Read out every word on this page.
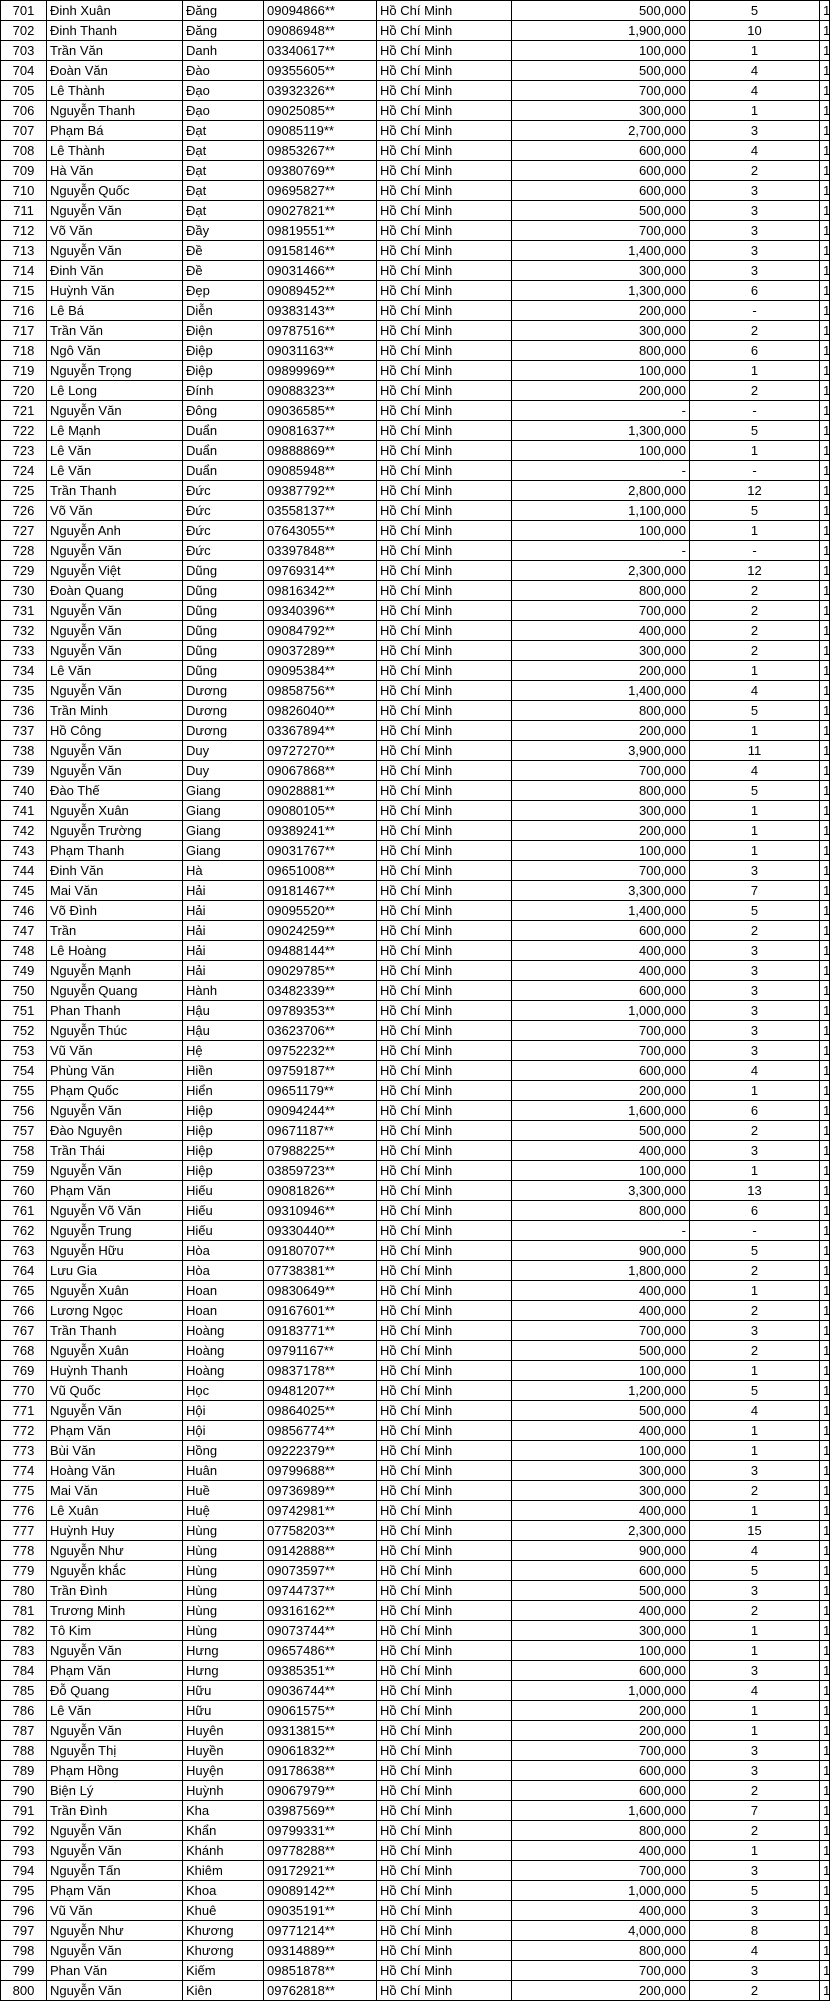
701	Đinh Xuân	Đăng	09094866**	Hồ Chí Minh	500,000	5	1
702	Đinh Thanh	Đăng	09086948**	Hồ Chí Minh	1,900,000	10	1
703	Trần Văn	Danh	03340617**	Hồ Chí Minh	100,000	1	1
704	Đoàn Văn	Đào	09355605**	Hồ Chí Minh	500,000	4	1
705	Lê Thành	Đạo	03932326**	Hồ Chí Minh	700,000	4	1
706	Nguyễn Thanh	Đạo	09025085**	Hồ Chí Minh	300,000	1	1
707	Phạm Bá	Đạt	09085119**	Hồ Chí Minh	2,700,000	3	1
708	Lê Thành	Đạt	09853267**	Hồ Chí Minh	600,000	4	1
709	Hà Văn	Đạt	09380769**	Hồ Chí Minh	600,000	2	1
710	Nguyễn Quốc	Đạt	09695827**	Hồ Chí Minh	600,000	3	1
711	Nguyễn Văn	Đạt	09027821**	Hồ Chí Minh	500,000	3	1
712	Võ Văn	Đầy	09819551**	Hồ Chí Minh	700,000	3	1
713	Nguyễn Văn	Đề	09158146**	Hồ Chí Minh	1,400,000	3	1
714	Đinh Văn	Đề	09031466**	Hồ Chí Minh	300,000	3	1
715	Huỳnh Văn	Đẹp	09089452**	Hồ Chí Minh	1,300,000	6	1
716	Lê Bá	Diễn	09383143**	Hồ Chí Minh	200,000	-	1
717	Trần Văn	Điện	09787516**	Hồ Chí Minh	300,000	2	1
718	Ngô Văn	Điệp	09031163**	Hồ Chí Minh	800,000	6	1
719	Nguyễn Trọng	Điệp	09899969**	Hồ Chí Minh	100,000	1	1
720	Lê Long	Đính	09088323**	Hồ Chí Minh	200,000	2	1
721	Nguyễn Văn	Đông	09036585**	Hồ Chí Minh	-	-	1
722	Lê Mạnh	Duẩn	09081637**	Hồ Chí Minh	1,300,000	5	1
723	Lê Văn	Duẩn	09888869**	Hồ Chí Minh	100,000	1	1
724	Lê Văn	Duẩn	09085948**	Hồ Chí Minh	-	-	1
725	Trần Thanh	Đức	09387792**	Hồ Chí Minh	2,800,000	12	1
726	Võ Văn	Đức	03558137**	Hồ Chí Minh	1,100,000	5	1
727	Nguyễn Anh	Đức	07643055**	Hồ Chí Minh	100,000	1	1
728	Nguyễn Văn	Đức	03397848**	Hồ Chí Minh	-	-	1
729	Nguyễn Việt	Dũng	09769314**	Hồ Chí Minh	2,300,000	12	1
730	Đoàn Quang	Dũng	09816342**	Hồ Chí Minh	800,000	2	1
731	Nguyễn Văn	Dũng	09340396**	Hồ Chí Minh	700,000	2	1
732	Nguyễn Văn	Dũng	09084792**	Hồ Chí Minh	400,000	2	1
733	Nguyễn Văn	Dũng	09037289**	Hồ Chí Minh	300,000	2	1
734	Lê Văn	Dũng	09095384**	Hồ Chí Minh	200,000	1	1
735	Nguyễn Văn	Dương	09858756**	Hồ Chí Minh	1,400,000	4	1
736	Trần Minh	Dương	09826040**	Hồ Chí Minh	800,000	5	1
737	Hồ Công	Dương	03367894**	Hồ Chí Minh	200,000	1	1
738	Nguyễn Văn	Duy	09727270**	Hồ Chí Minh	3,900,000	11	1
739	Nguyễn Văn	Duy	09067868**	Hồ Chí Minh	700,000	4	1
740	Đào Thế	Giang	09028881**	Hồ Chí Minh	800,000	5	1
741	Nguyễn Xuân	Giang	09080105**	Hồ Chí Minh	300,000	1	1
742	Nguyễn Trường	Giang	09389241**	Hồ Chí Minh	200,000	1	1
743	Phạm Thanh	Giang	09031767**	Hồ Chí Minh	100,000	1	1
744	Đinh Văn	Hà	09651008**	Hồ Chí Minh	700,000	3	1
745	Mai Văn	Hải	09181467**	Hồ Chí Minh	3,300,000	7	1
746	Võ Đình	Hải	09095520**	Hồ Chí Minh	1,400,000	5	1
747	Trần	Hải	09024259**	Hồ Chí Minh	600,000	2	1
748	Lê Hoàng	Hải	09488144**	Hồ Chí Minh	400,000	3	1
749	Nguyễn Mạnh	Hải	09029785**	Hồ Chí Minh	400,000	3	1
750	Nguyễn Quang	Hành	03482339**	Hồ Chí Minh	600,000	3	1
751	Phan Thanh	Hậu	09789353**	Hồ Chí Minh	1,000,000	3	1
752	Nguyễn Thúc	Hậu	03623706**	Hồ Chí Minh	700,000	3	1
753	Vũ Văn	Hệ	09752232**	Hồ Chí Minh	700,000	3	1
754	Phùng Văn	Hiền	09759187**	Hồ Chí Minh	600,000	4	1
755	Phạm Quốc	Hiển	09651179**	Hồ Chí Minh	200,000	1	1
756	Nguyễn Văn	Hiệp	09094244**	Hồ Chí Minh	1,600,000	6	1
757	Đào Nguyên	Hiệp	09671187**	Hồ Chí Minh	500,000	2	1
758	Trần Thái	Hiệp	07988225**	Hồ Chí Minh	400,000	3	1
759	Nguyễn Văn	Hiệp	03859723**	Hồ Chí Minh	100,000	1	1
760	Phạm Văn	Hiếu	09081826**	Hồ Chí Minh	3,300,000	13	1
761	Nguyễn Võ Văn	Hiếu	09310946**	Hồ Chí Minh	800,000	6	1
762	Nguyễn Trung	Hiếu	09330440**	Hồ Chí Minh	-	-	1
763	Nguyễn Hữu	Hòa	09180707**	Hồ Chí Minh	900,000	5	1
764	Lưu Gia	Hòa	07738381**	Hồ Chí Minh	1,800,000	2	1
765	Nguyễn Xuân	Hoan	09830649**	Hồ Chí Minh	400,000	1	1
766	Lương Ngọc	Hoan	09167601**	Hồ Chí Minh	400,000	2	1
767	Trần Thanh	Hoàng	09183771**	Hồ Chí Minh	700,000	3	1
768	Nguyễn Xuân	Hoàng	09791167**	Hồ Chí Minh	500,000	2	1
769	Huỳnh Thanh	Hoàng	09837178**	Hồ Chí Minh	100,000	1	1
770	Vũ Quốc	Học	09481207**	Hồ Chí Minh	1,200,000	5	1
771	Nguyễn Văn	Hội	09864025**	Hồ Chí Minh	500,000	4	1
772	Phạm Văn	Hội	09856774**	Hồ Chí Minh	400,000	1	1
773	Bùi Văn	Hồng	09222379**	Hồ Chí Minh	100,000	1	1
774	Hoàng Văn	Huân	09799688**	Hồ Chí Minh	300,000	3	1
775	Mai Văn	Huề	09736989**	Hồ Chí Minh	300,000	2	1
776	Lê Xuân	Huệ	09742981**	Hồ Chí Minh	400,000	1	1
777	Huỳnh Huy	Hùng	07758203**	Hồ Chí Minh	2,300,000	15	1
778	Nguyễn Như	Hùng	09142888**	Hồ Chí Minh	900,000	4	1
779	Nguyễn khắc	Hùng	09073597**	Hồ Chí Minh	600,000	5	1
780	Trần Đình	Hùng	09744737**	Hồ Chí Minh	500,000	3	1
781	Trương Minh	Hùng	09316162**	Hồ Chí Minh	400,000	2	1
782	Tô Kim	Hùng	09073744**	Hồ Chí Minh	300,000	1	1
783	Nguyễn Văn	Hưng	09657486**	Hồ Chí Minh	100,000	1	1
784	Phạm Văn	Hưng	09385351**	Hồ Chí Minh	600,000	3	1
785	Đỗ Quang	Hữu	09036744**	Hồ Chí Minh	1,000,000	4	1
786	Lê Văn	Hữu	09061575**	Hồ Chí Minh	200,000	1	1
787	Nguyễn Văn	Huyên	09313815**	Hồ Chí Minh	200,000	1	1
788	Nguyễn Thị	Huyền	09061832**	Hồ Chí Minh	700,000	3	1
789	Phạm Hồng	Huyện	09178638**	Hồ Chí Minh	600,000	3	1
790	Biện Lý	Huỳnh	09067979**	Hồ Chí Minh	600,000	2	1
791	Trần Đình	Kha	03987569**	Hồ Chí Minh	1,600,000	7	1
792	Nguyễn Văn	Khẩn	09799331**	Hồ Chí Minh	800,000	2	1
793	Nguyễn Văn	Khánh	09778288**	Hồ Chí Minh	400,000	1	1
794	Nguyễn Tấn	Khiêm	09172921**	Hồ Chí Minh	700,000	3	1
795	Phạm Văn	Khoa	09089142**	Hồ Chí Minh	1,000,000	5	1
796	Vũ Văn	Khuê	09035191**	Hồ Chí Minh	400,000	3	1
797	Nguyễn Như	Khương	09771214**	Hồ Chí Minh	4,000,000	8	1
798	Nguyễn Văn	Khương	09314889**	Hồ Chí Minh	800,000	4	1
799	Phan Văn	Kiếm	09851878**	Hồ Chí Minh	700,000	3	1
800	Nguyễn Văn	Kiên	09762818**	Hồ Chí Minh	200,000	2	1
